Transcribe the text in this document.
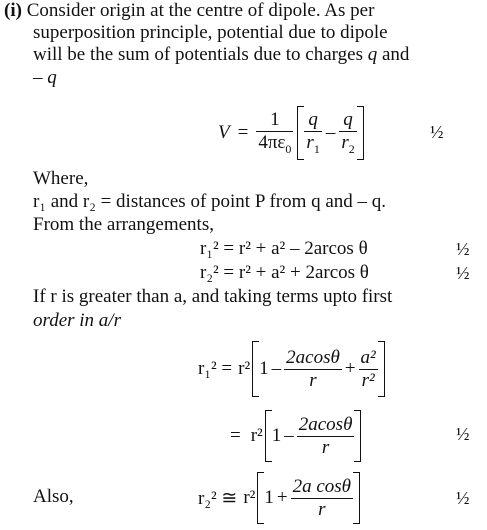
(i) Consider origin at the centre of dipole. As per
superposition principle, potential due to dipole
will be the sum of potentials due to charges q and
– q
$V = \frac{1}{4\pi\varepsilon_0} \frac{q}{r_1} - \frac{q}{r_2}$	½
Where,
r₁ and r₂ = distances of point P from q and – q.
From the arrangements,
r₁² = r² + a² – 2arcos θ	½
r₂² = r² + a² + 2arcos θ	½
If r is greater than a, and taking terms upto first
order in a/r
r₁² = r² $1 - \frac{2acos\theta}{r} + \frac{\text{a²}}{\text{r²}}$
= r² $1 - \frac{2acos\theta}{r}$	½
Also,	r₂² ≅ r² $1 + \frac{\text{2a cosθ}}{r}$	½
